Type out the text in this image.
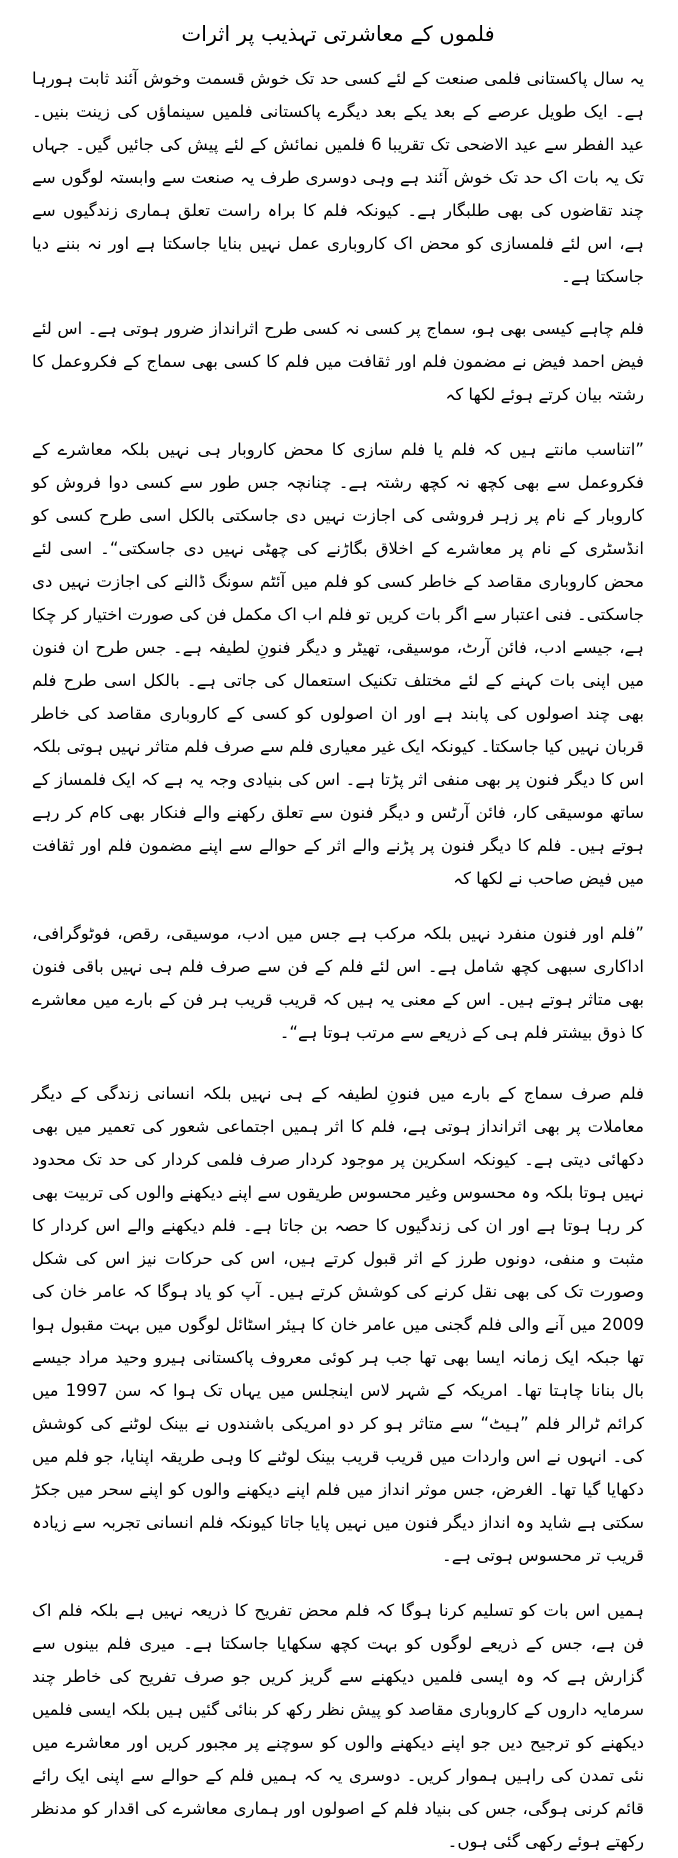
فلموں کے معاشرتی تہذیب پر اثرات

یہ سال پاکستانی فلمی صنعت کے لئے کسی حد تک خوش قسمت وخوش آئند ثابت ہورہا ہے۔ ایک طویل عرصے کے بعد یکے بعد دیگرے پاکستانی فلمیں سینماؤں کی زینت بنیں۔ عید الفطر سے عید الاضحی تک تقریبا 6 فلمیں نمائش کے لئے پیش کی جائیں گیں۔ جہاں تک یہ بات اک حد تک خوش آئند ہے وہی دوسری طرف یہ صنعت سے وابستہ لوگوں سے چند تقاضوں کی بھی طلبگار ہے۔ کیونکہ فلم کا براہ راست تعلق ہماری زندگیوں سے ہے، اس لئے فلمسازی کو محض اک کاروباری عمل نہیں بنایا جاسکتا ہے اور نہ بننے دیا جاسکتا ہے۔

فلم چاہے کیسی بھی ہو، سماج پر کسی نہ کسی طرح اثرانداز ضرور ہوتی ہے۔ اس لئے فیض احمد فیض نے مضمون فلم اور ثقافت میں فلم کا کسی بھی سماج کے فکروعمل کا رشتہ بیان کرتے ہوئے لکھا کہ

”اتناسب مانتے ہیں کہ فلم یا فلم سازی کا محض کاروبار ہی نہیں بلکہ معاشرے کے فکروعمل سے بھی کچھ نہ کچھ رشتہ ہے۔ چنانچہ جس طور سے کسی دوا فروش کو کاروبار کے نام پر زہر فروشی کی اجازت نہیں دی جاسکتی بالکل اسی طرح کسی کو انڈسٹری کے نام پر معاشرے کے اخلاق بگاڑنے کی چھٹی نہیں دی جاسکتی“۔ اسی لئے محض کاروباری مقاصد کے خاطر کسی کو فلم میں آئٹم سونگ ڈالنے کی اجازت نہیں دی جاسکتی۔ فنی اعتبار سے اگر بات کریں تو فلم اب اک مکمل فن کی صورت اختیار کر چکا ہے، جیسے ادب، فائن آرٹ، موسیقی، تھیٹر و دیگر فنونِ لطیفہ ہے۔ جس طرح ان فنون میں اپنی بات کہنے کے لئے مختلف تکنیک استعمال کی جاتی ہے۔ بالکل اسی طرح فلم بھی چند اصولوں کی پابند ہے اور ان اصولوں کو کسی کے کاروباری مقاصد کی خاطر قربان نہیں کیا جاسکتا۔ کیونکہ ایک غیر معیاری فلم سے صرف فلم متاثر نہیں ہوتی بلکہ اس کا دیگر فنون پر بھی منفی اثر پڑتا ہے۔ اس کی بنیادی وجہ یہ ہے کہ ایک فلمساز کے ساتھ موسیقی کار، فائن آرٹس و دیگر فنون سے تعلق رکھنے والے فنکار بھی کام کر رہے ہوتے ہیں۔ فلم کا دیگر فنون پر پڑنے والے اثر کے حوالے سے اپنے مضمون فلم اور ثقافت میں فیض صاحب نے لکھا کہ

”فلم اور فنون منفرد نہیں بلکہ مرکب ہے جس میں ادب، موسیقی، رقص، فوٹوگرافی، اداکاری سبھی کچھ شامل ہے۔ اس لئے فلم کے فن سے صرف فلم ہی نہیں باقی فنون بھی متاثر ہوتے ہیں۔ اس کے معنی یہ ہیں کہ قریب قریب ہر فن کے بارے میں معاشرے کا ذوق بیشتر فلم ہی کے ذریعے سے مرتب ہوتا ہے“۔

فلم صرف سماج کے بارے میں فنونِ لطیفہ کے ہی نہیں بلکہ انسانی زندگی کے دیگر معاملات پر بھی اثرانداز ہوتی ہے، فلم کا اثر ہمیں اجتماعی شعور کی تعمیر میں بھی دکھائی دیتی ہے۔ کیونکہ اسکرین پر موجود کردار صرف فلمی کردار کی حد تک محدود نہیں ہوتا بلکہ وہ محسوس وغیر محسوس طریقوں سے اپنے دیکھنے والوں کی تربیت بھی کر رہا ہوتا ہے اور ان کی زندگیوں کا حصہ بن جاتا ہے۔ فلم دیکھنے والے اس کردار کا مثبت و منفی، دونوں طرز کے اثر قبول کرتے ہیں، اس کی حرکات نیز اس کی شکل وصورت تک کی بھی نقل کرنے کی کوشش کرتے ہیں۔ آپ کو یاد ہوگا کہ عامر خان کی 2009 میں آنے والی فلم گجنی میں عامر خان کا ہیئر اسٹائل لوگوں میں بہت مقبول ہوا تھا جبکہ ایک زمانہ ایسا بھی تھا جب ہر کوئی معروف پاکستانی ہیرو وحید مراد جیسے بال بنانا چاہتا تھا۔ امریکہ کے شہر لاس اینجلس میں یہاں تک ہوا کہ سن 1997 میں کرائم ٹرالر فلم ”ہیٹ“ سے متاثر ہو کر دو امریکی باشندوں نے بینک لوٹنے کی کوشش کی۔ انہوں نے اس واردات میں قریب قریب بینک لوٹنے کا وہی طریقہ اپنایا، جو فلم میں دکھایا گیا تھا۔ الغرض، جس موثر انداز میں فلم اپنے دیکھنے والوں کو اپنے سحر میں جکڑ سکتی ہے شاید وہ انداز دیگر فنون میں نہیں پایا جاتا کیونکہ فلم انسانی تجربہ سے زیادہ قریب تر محسوس ہوتی ہے۔

ہمیں اس بات کو تسلیم کرنا ہوگا کہ فلم محض تفریح کا ذریعہ نہیں ہے بلکہ فلم اک فن ہے، جس کے ذریعے لوگوں کو بہت کچھ سکھایا جاسکتا ہے۔ میری فلم بینوں سے گزارش ہے کہ وہ ایسی فلمیں دیکھنے سے گریز کریں جو صرف تفریح کی خاطر چند سرمایہ داروں کے کاروباری مقاصد کو پیش نظر رکھ کر بنائی گئیں ہیں بلکہ ایسی فلمیں دیکھنے کو ترجیح دیں جو اپنے دیکھنے والوں کو سوچنے پر مجبور کریں اور معاشرے میں نئی تمدن کی راہیں ہموار کریں۔ دوسری یہ کہ ہمیں فلم کے حوالے سے اپنی ایک رائے قائم کرنی ہوگی، جس کی بنیاد فلم کے اصولوں اور ہماری معاشرے کی اقدار کو مدنظر رکھتے ہوئے رکھی گئی ہوں۔
